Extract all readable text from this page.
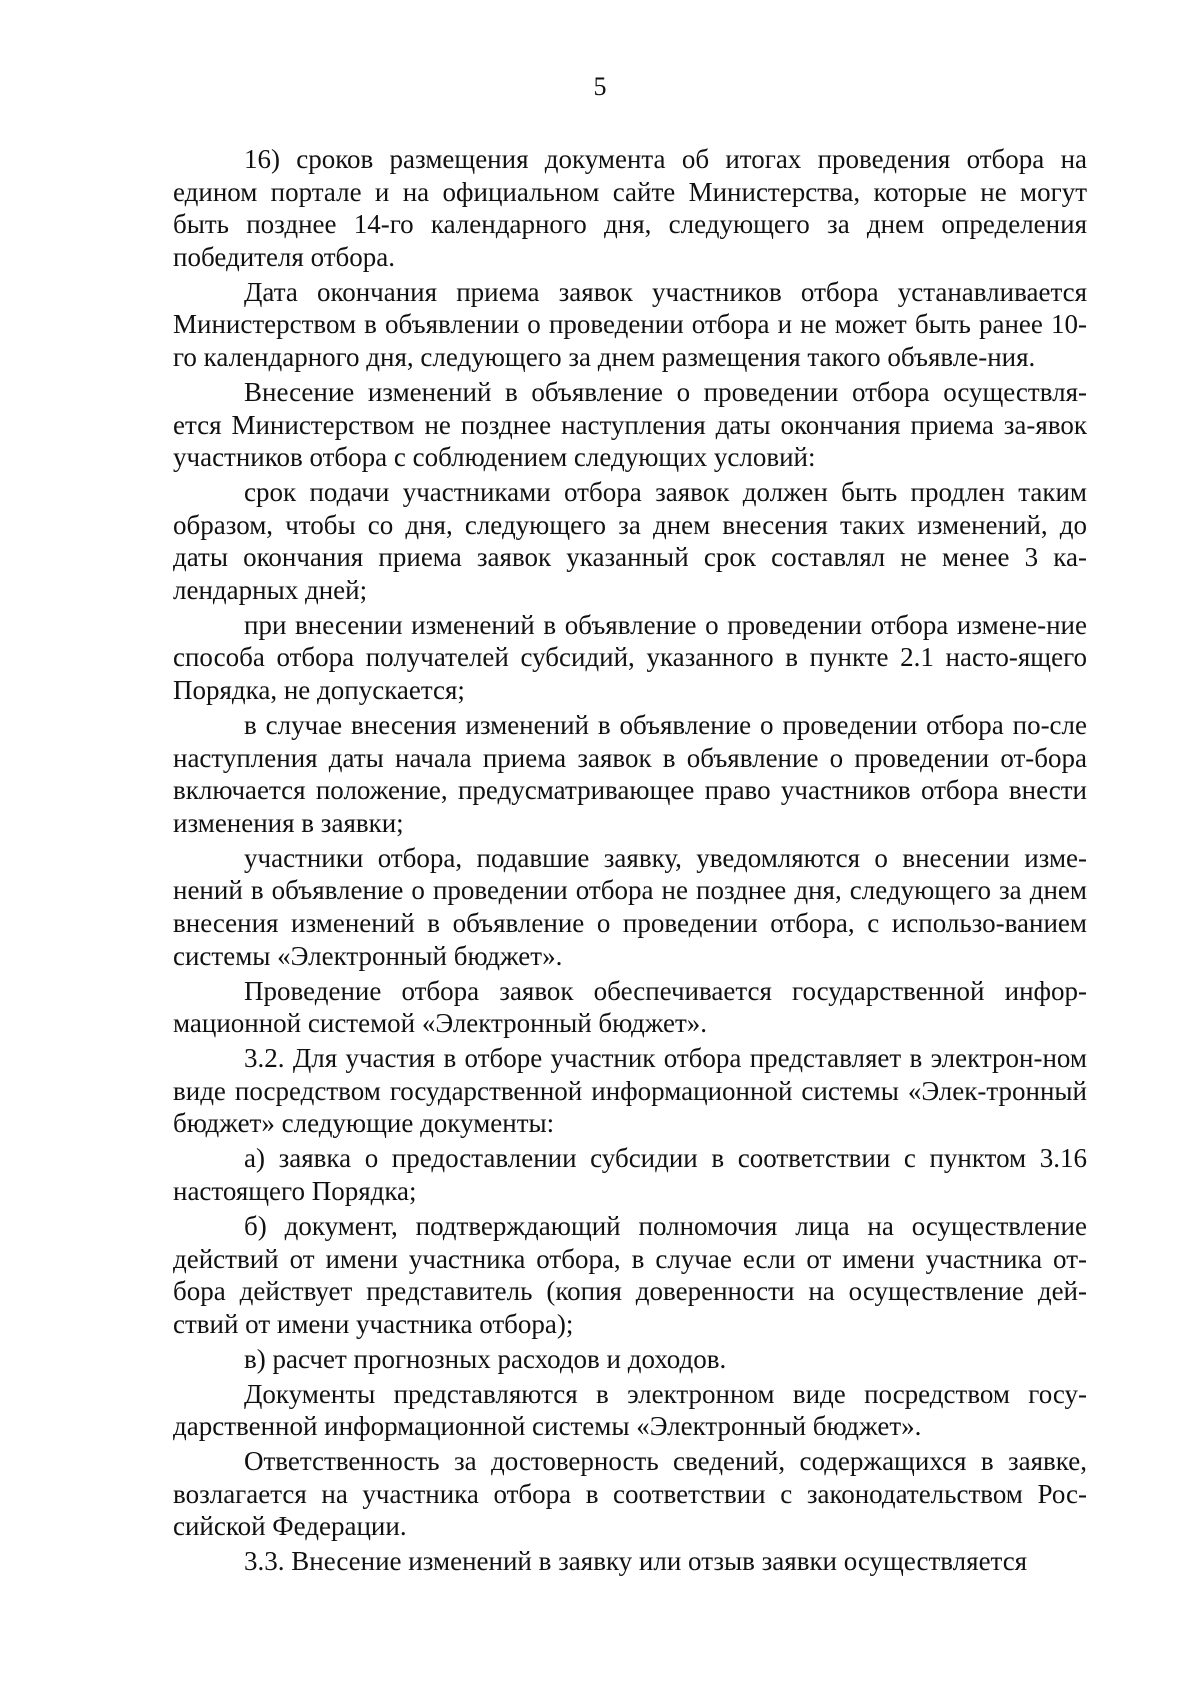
5

16) сроков размещения документа об итогах проведения отбора на едином портале и на официальном сайте Министерства, которые не могут быть позднее 14-го календарного дня, следующего за днем определения победителя отбора.

Дата окончания приема заявок участников отбора устанавливается Министерством в объявлении о проведении отбора и не может быть ранее 10-го календарного дня, следующего за днем размещения такого объявле-ния.

Внесение изменений в объявление о проведении отбора осуществля-ется Министерством не позднее наступления даты окончания приема за-явок участников отбора с соблюдением следующих условий:

срок подачи участниками отбора заявок должен быть продлен таким образом, чтобы со дня, следующего за днем внесения таких изменений, до даты окончания приема заявок указанный срок составлял не менее 3 ка-лендарных дней;

при внесении изменений в объявление о проведении отбора измене-ние способа отбора получателей субсидий, указанного в пункте 2.1 насто-ящего Порядка, не допускается;

в случае внесения изменений в объявление о проведении отбора по-сле наступления даты начала приема заявок в объявление о проведении от-бора включается положение, предусматривающее право участников отбора внести изменения в заявки;

участники отбора, подавшие заявку, уведомляются о внесении изме-нений в объявление о проведении отбора не позднее дня, следующего за днем внесения изменений в объявление о проведении отбора, с использо-ванием системы «Электронный бюджет».

Проведение отбора заявок обеспечивается государственной инфор-мационной системой «Электронный бюджет».

3.2. Для участия в отборе участник отбора представляет в электрон-ном виде посредством государственной информационной системы «Элек-тронный бюджет» следующие документы:

а) заявка о предоставлении субсидии в соответствии с пунктом 3.16 настоящего Порядка;

б) документ, подтверждающий полномочия лица на осуществление действий от имени участника отбора, в случае если от имени участника от-бора действует представитель (копия доверенности на осуществление дей-ствий от имени участника отбора);

в) расчет прогнозных расходов и доходов.

Документы представляются в электронном виде посредством госу-дарственной информационной системы «Электронный бюджет».

Ответственность за достоверность сведений, содержащихся в заявке, возлагается на участника отбора в соответствии с законодательством Рос-сийской Федерации.

3.3. Внесение изменений в заявку или отзыв заявки осуществляется
